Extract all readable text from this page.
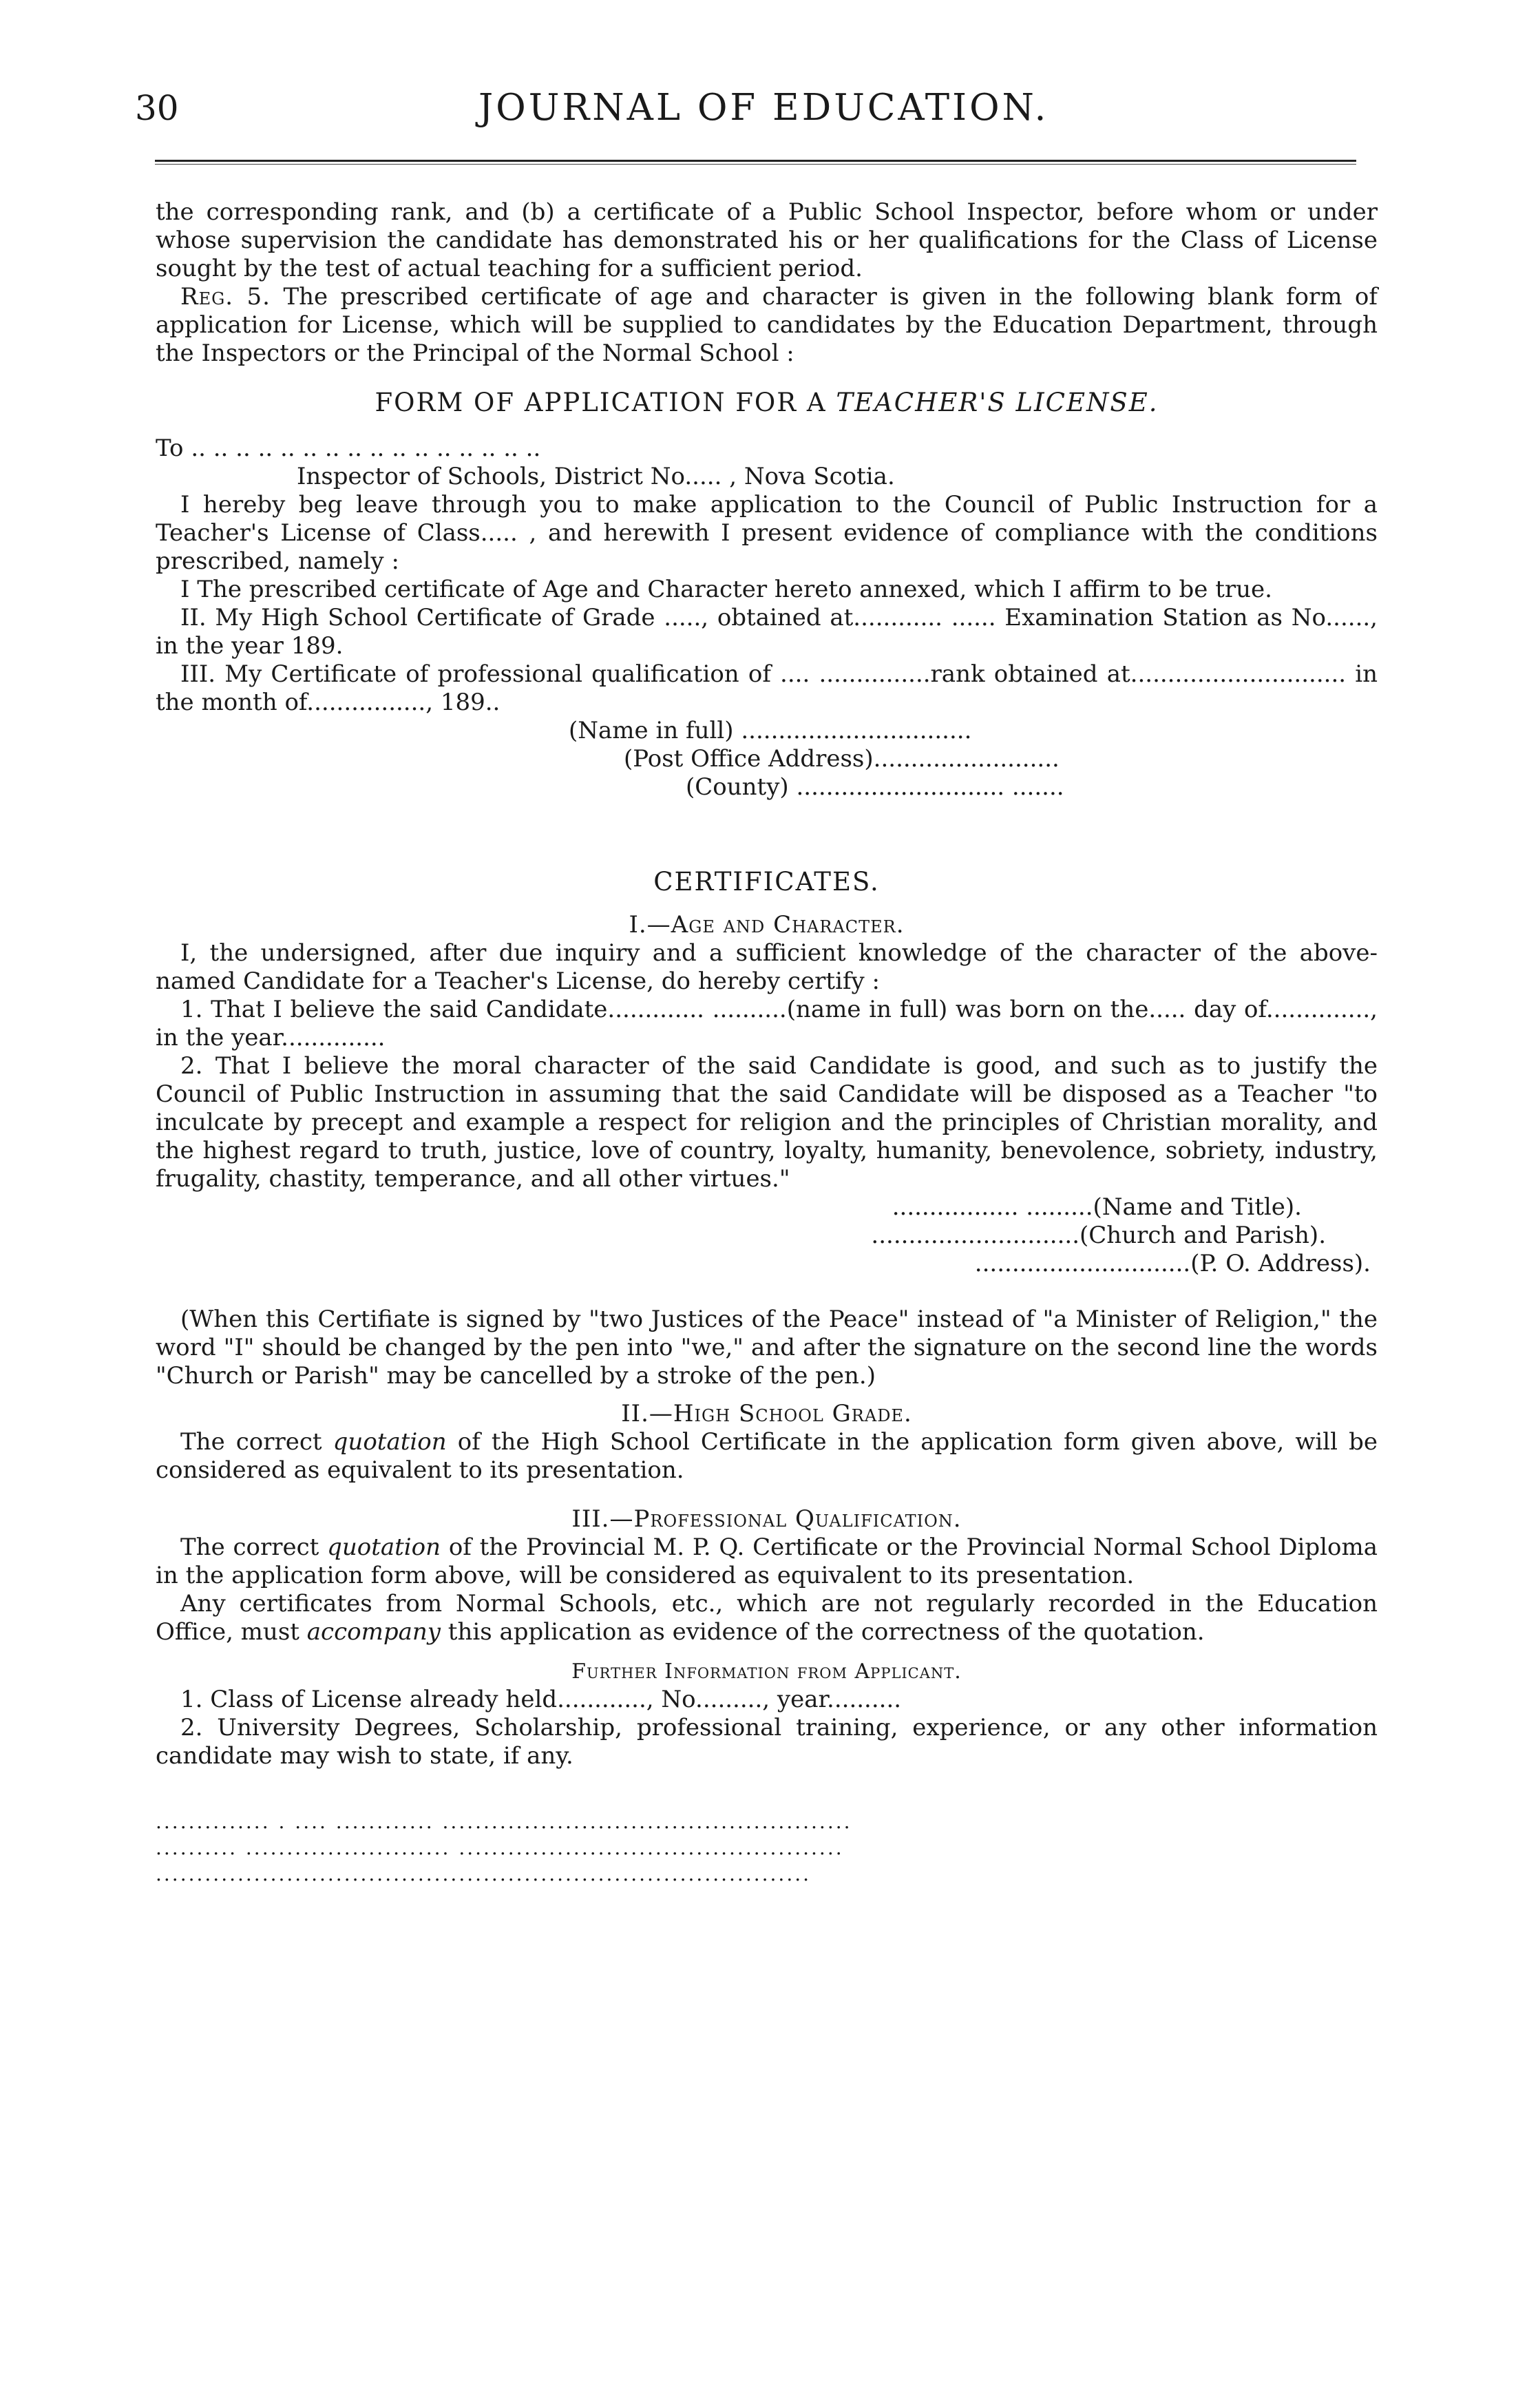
30	JOURNAL OF EDUCATION.

the corresponding rank, and (b) a certificate of a Public School Inspector, before whom or under whose supervision the candidate has demonstrated his or her qualifications for the Class of License sought by the test of actual teaching for a sufficient period.

Reg. 5. The prescribed certificate of age and character is given in the following blank form of application for License, which will be supplied to candidates by the Education Department, through the Inspectors or the Principal of the Normal School :

FORM OF APPLICATION FOR A TEACHER'S LICENSE.

To .. .. .. .. .. .. .. .. .. .. .. .. .. .. .. ..

Inspector of Schools, District No..... , Nova Scotia.

I hereby beg leave through you to make application to the Council of Public Instruction for a Teacher's License of Class..... , and herewith I present evidence of compliance with the conditions prescribed, namely :

I The prescribed certificate of Age and Character hereto annexed, which I affirm to be true.

II. My High School Certificate of Grade ....., obtained at............ ...... Examination Station as No......, in the year 189.

III. My Certificate of professional qualification of .... ...............rank obtained at............................. in the month of................, 189..

(Name in full) ...............................

(Post Office Address).........................

(County) ............................ .......

CERTIFICATES.

I.—Age and Character.

I, the undersigned, after due inquiry and a sufficient knowledge of the character of the above-named Candidate for a Teacher's License, do hereby certify :

1. That I believe the said Candidate............. ..........(name in full) was born on the..... day of.............., in the year..............

2. That I believe the moral character of the said Candidate is good, and such as to justify the Council of Public Instruction in assuming that the said Candidate will be disposed as a Teacher "to inculcate by precept and example a respect for religion and the principles of Christian morality, and the highest regard to truth, justice, love of country, loyalty, humanity, benevolence, sobriety, industry, frugality, chastity, temperance, and all other virtues."

................. .........(Name and Title).

............................(Church and Parish).

.............................(P. O. Address).

(When this Certifiate is signed by "two Justices of the Peace" instead of "a Minister of Religion," the word "I" should be changed by the pen into "we," and after the signature on the second line the words "Church or Parish" may be cancelled by a stroke of the pen.)

II.—High School Grade.

The correct quotation of the High School Certificate in the application form given above, will be considered as equivalent to its presentation.

III.—Professional Qualification.

The correct quotation of the Provincial M. P. Q. Certificate or the Provincial Normal School Diploma in the application form above, will be considered as equivalent to its presentation.

Any certificates from Normal Schools, etc., which are not regularly recorded in the Education Office, must accompany this application as evidence of the correctness of the quotation.

Further Information from Applicant.

1. Class of License already held............, No........., year..........

2. University Degrees, Scholarship, professional training, experience, or any other information candidate may wish to state, if any.

.............. . .... ............ ..................................................

.......... ......................... ...............................................

................................................................................
